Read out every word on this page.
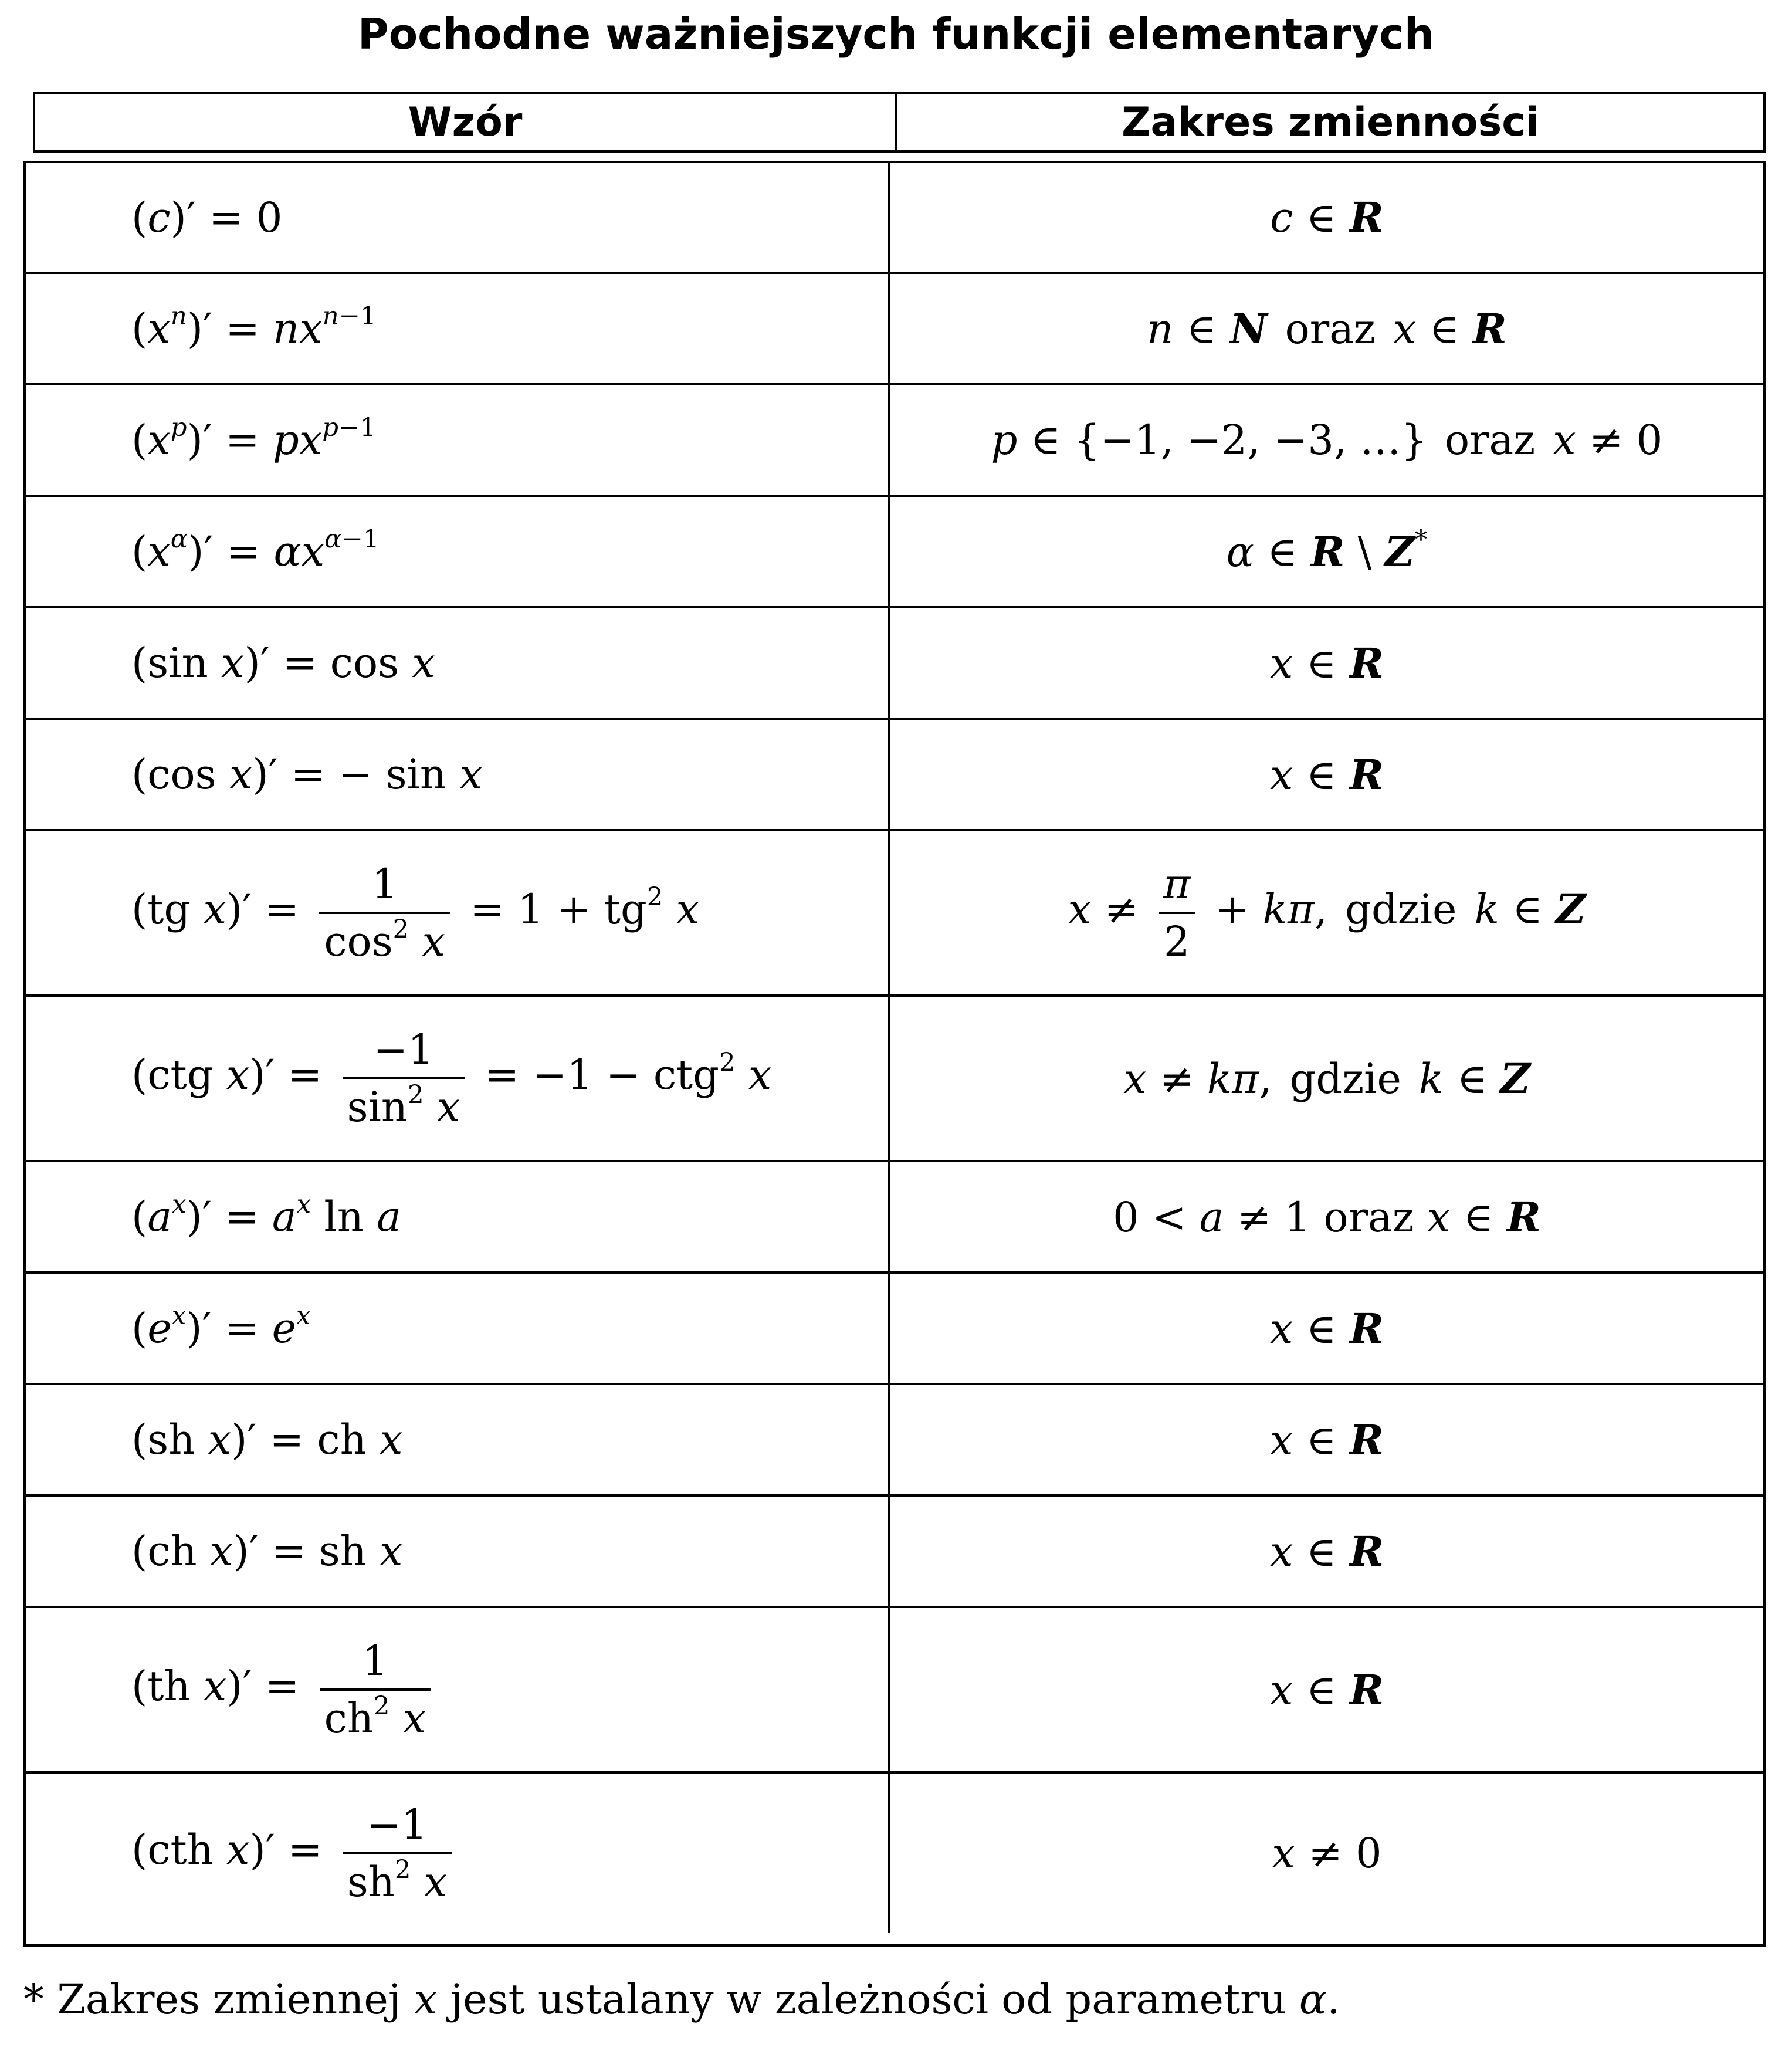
Pochodne ważniejszych funkcji elementarych
Wzór	Zakres zmienności
(c)′ = 0	c ∈ R
$(x^n)' = nx^{n-1}$	n ∈ N oraz x ∈ R
$(x^p)' = px^{p-1}$	p ∈ {−1, −2, −3, …} oraz x ≠ 0
$(x^\alpha)' = \alpha x^{\alpha-1}$	α ∈ R \ Z*
(sin x)′ = cos x	x ∈ R
(cos x)′ = − sin x	x ∈ R
(tg $x)' = \frac{1}{\cos^2 x} = 1 + tg^2$ x	$x \ne \frac{\pi}{2} + k\pi$, gdzie k ∈ Z
(ctg $x)' = \frac{-1}{\sin^2 x} = -1 - ctg^2$ x	x ≠ kπ, gdzie k ∈ Z
$(a^x)' = a^x$ ln a	0 < a ≠ 1 oraz x ∈ R
$(e^x)' = e^x$	x ∈ R
(sh x)′ = ch x	x ∈ R
(ch x)′ = sh x	x ∈ R
(th $x)' = \frac{1}{ch^2 x}$	x ∈ R
(cth $x)' = \frac{-1}{sh^2 x}$	x ≠ 0
* Zakres zmiennej x jest ustalany w zależności od parametru α.
